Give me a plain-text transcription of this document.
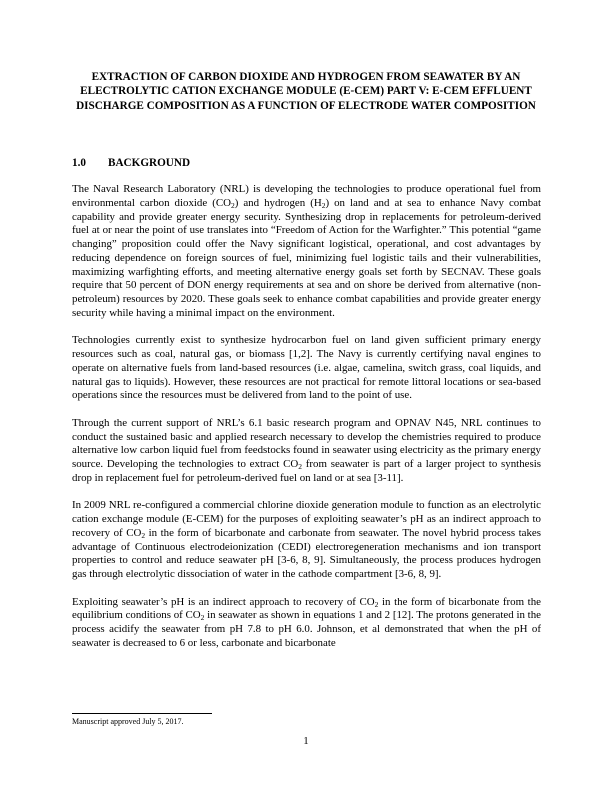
EXTRACTION OF CARBON DIOXIDE AND HYDROGEN FROM SEAWATER BY AN ELECTROLYTIC CATION EXCHANGE MODULE (E-CEM) PART V: E-CEM EFFLUENT DISCHARGE COMPOSITION AS A FUNCTION OF ELECTRODE WATER COMPOSITION

1.0 BACKGROUND

The Naval Research Laboratory (NRL) is developing the technologies to produce operational fuel from environmental carbon dioxide $(CO_2)$ and hydrogen $(H_2)$ on land and at sea to enhance Navy combat capability and provide greater energy security. Synthesizing drop in replacements for petroleum-derived fuel at or near the point of use translates into “Freedom of Action for the Warfighter.” This potential “game changing” proposition could offer the Navy significant logistical, operational, and cost advantages by reducing dependence on foreign sources of fuel, minimizing fuel logistic tails and their vulnerabilities, maximizing warfighting efforts, and meeting alternative energy goals set forth by SECNAV. These goals require that 50 percent of DON energy requirements at sea and on shore be derived from alternative (non-petroleum) resources by 2020. These goals seek to enhance combat capabilities and provide greater energy security while having a minimal impact on the environment.

Technologies currently exist to synthesize hydrocarbon fuel on land given sufficient primary energy resources such as coal, natural gas, or biomass [1,2]. The Navy is currently certifying naval engines to operate on alternative fuels from land-based resources (i.e. algae, camelina, switch grass, coal liquids, and natural gas to liquids). However, these resources are not practical for remote littoral locations or sea-based operations since the resources must be delivered from land to the point of use.

Through the current support of NRL’s 6.1 basic research program and OPNAV N45, NRL continues to conduct the sustained basic and applied research necessary to develop the chemistries required to produce alternative low carbon liquid fuel from feedstocks found in seawater using electricity as the primary energy source. Developing the technologies to extract $CO_2$ from seawater is part of a larger project to synthesis drop in replacement fuel for petroleum-derived fuel on land or at sea [3-11].

In 2009 NRL re-configured a commercial chlorine dioxide generation module to function as an electrolytic cation exchange module (E-CEM) for the purposes of exploiting seawater’s pH as an indirect approach to recovery of $CO_2$ in the form of bicarbonate and carbonate from seawater. The novel hybrid process takes advantage of Continuous electrodeionization (CEDI) electroregeneration mechanisms and ion transport properties to control and reduce seawater pH [3-6, 8, 9]. Simultaneously, the process produces hydrogen gas through electrolytic dissociation of water in the cathode compartment [3-6, 8, 9].

Exploiting seawater’s pH is an indirect approach to recovery of $CO_2$ in the form of bicarbonate from the equilibrium conditions of $CO_2$ in seawater as shown in equations 1 and 2 [12]. The protons generated in the process acidify the seawater from pH 7.8 to pH 6.0. Johnson, et al demonstrated that when the pH of seawater is decreased to 6 or less, carbonate and bicarbonate

Manuscript approved July 5, 2017.

1
